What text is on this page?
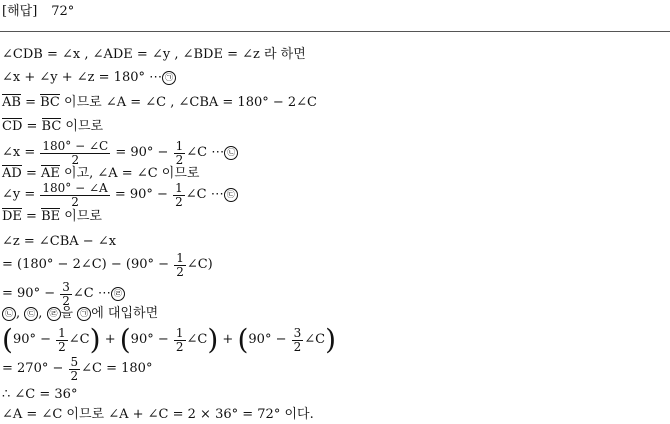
[해답] 72°
∠CDB = ∠x , ∠ADE = ∠y , ∠BDE = ∠z 라 하면
∠x + ∠y + ∠z = 180° ⋯ ㉠
AB = BC 이므로 ∠A = ∠C , ∠CBA = 180° − 2∠C
CD = BC 이므로
∠x = $\frac{180^\circ - \angle C}{2} = 90^\circ - \frac{1}{2}$ ∠C ⋯ ㉡
AD = AE 이고, ∠A = ∠C 이므로
∠y = $\frac{180^\circ - \angle A}{2} = 90^\circ - \frac{1}{2}$ ∠C ⋯ ㉢
DE = BE 이므로
∠z = ∠CBA − ∠x
= (180° − 2∠C) − ($90^\circ - \frac{1}{2}$ ∠C)
= $90^\circ - \frac{3}{2}$ ∠C ⋯ ㉣
㉡ , ㉢ , ㉣ 을 ㉠ 에 대입하면
($90^\circ - \frac{1}{2}$ ∠C) + ($90^\circ - \frac{1}{2}$ ∠C) + ($90^\circ - \frac{3}{2}$ ∠C)
= $270^\circ - \frac{5}{2}$ ∠C = 180°
∴ ∠C = 36°
∠A = ∠C 이므로 ∠A + ∠C = 2 × 36° = 72° 이다.
